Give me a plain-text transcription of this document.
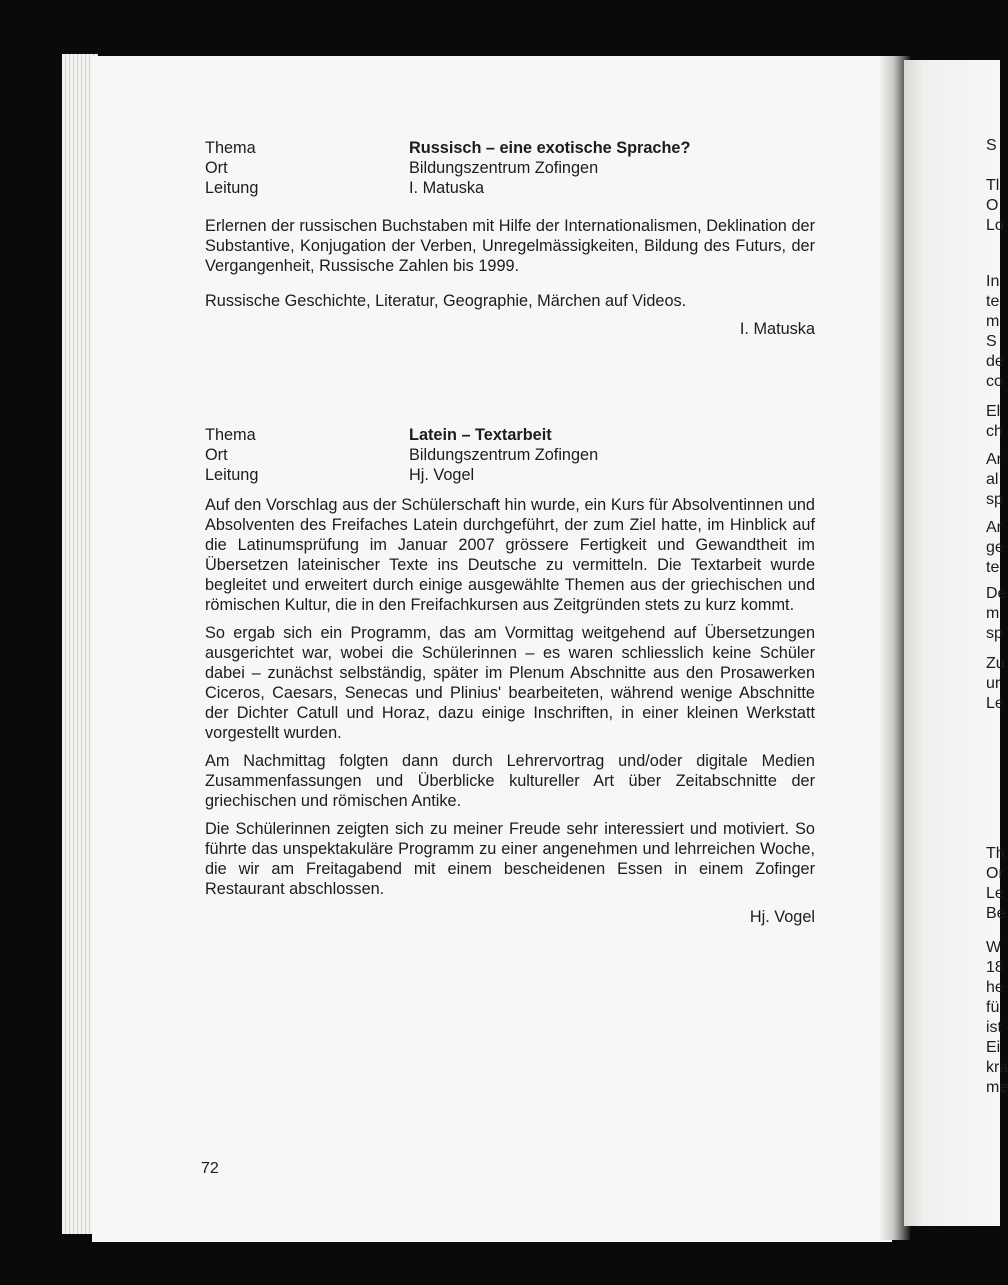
S
Tl
O
Lo
In
te
m
S
de
co
El
ch
Ar
al
sp
Ar
ge
te
De
m
sp
Zu
ur
Le
Th
Or
Le
Be
W
18
he
fü
ist
Ei
kra
me
Thema	Russisch – eine exotische Sprache?
Ort	Bildungszentrum Zofingen
Leitung	I. Matuska

Erlernen der russischen Buchstaben mit Hilfe der Internationalismen, Deklination der Substantive, Konjugation der Verben, Unregelmässigkeiten, Bildung des Futurs, der Vergangenheit, Russische Zahlen bis 1999.

Russische Geschichte, Literatur, Geographie, Märchen auf Videos.

I. Matuska

Thema	Latein – Textarbeit
Ort	Bildungszentrum Zofingen
Leitung	Hj. Vogel

Auf den Vorschlag aus der Schülerschaft hin wurde, ein Kurs für Absolventinnen und Absolventen des Freifaches Latein durchgeführt, der zum Ziel hatte, im Hinblick auf die Latinumsprüfung im Januar 2007 grössere Fertigkeit und Gewandtheit im Übersetzen lateinischer Texte ins Deutsche zu vermitteln. Die Textarbeit wurde begleitet und erweitert durch einige ausgewählte Themen aus der griechischen und römischen Kultur, die in den Freifachkursen aus Zeitgründen stets zu kurz kommt.

So ergab sich ein Programm, das am Vormittag weitgehend auf Übersetzungen ausgerichtet war, wobei die Schülerinnen – es waren schliesslich keine Schüler dabei – zunächst selbständig, später im Plenum Abschnitte aus den Prosawerken Ciceros, Caesars, Senecas und Plinius' bearbeiteten, während wenige Abschnitte der Dichter Catull und Horaz, dazu einige Inschriften, in einer kleinen Werkstatt vorgestellt wurden.

Am Nachmittag folgten dann durch Lehrervortrag und/oder digitale Medien Zusammenfassungen und Überblicke kultureller Art über Zeitabschnitte der griechischen und römischen Antike.

Die Schülerinnen zeigten sich zu meiner Freude sehr interessiert und motiviert. So führte das unspektakuläre Programm zu einer angenehmen und lehrreichen Woche, die wir am Freitagabend mit einem bescheidenen Essen in einem Zofinger Restaurant abschlossen.

Hj. Vogel

72
